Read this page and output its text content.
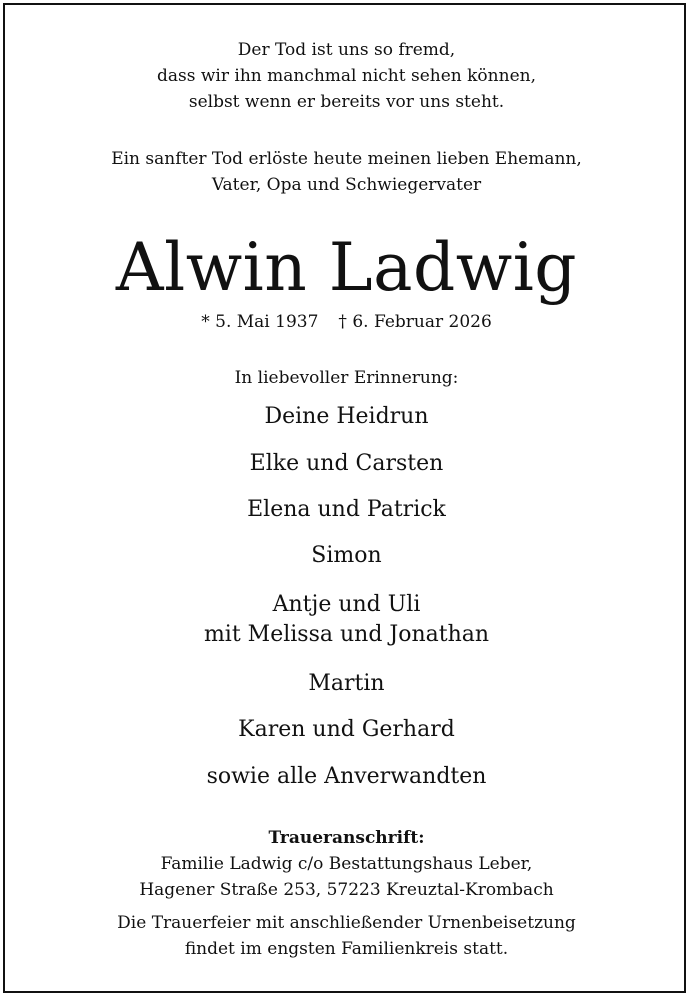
Der Tod ist uns so fremd,
dass wir ihn manchmal nicht sehen können,
selbst wenn er bereits vor uns steht.
Ein sanfter Tod erlöste heute meinen lieben Ehemann,
Vater, Opa und Schwiegervater
Alwin Ladwig
* 5. Mai 1937 † 6. Februar 2026
In liebevoller Erinnerung:
Deine Heidrun
Elke und Carsten
Elena und Patrick
Simon
Antje und Uli
mit Melissa und Jonathan
Martin
Karen und Gerhard
sowie alle Anverwandten
Traueranschrift:
Familie Ladwig c/o Bestattungshaus Leber,
Hagener Straße 253, 57223 Kreuztal-Krombach
Die Trauerfeier mit anschließender Urnenbeisetzung
findet im engsten Familienkreis statt.
